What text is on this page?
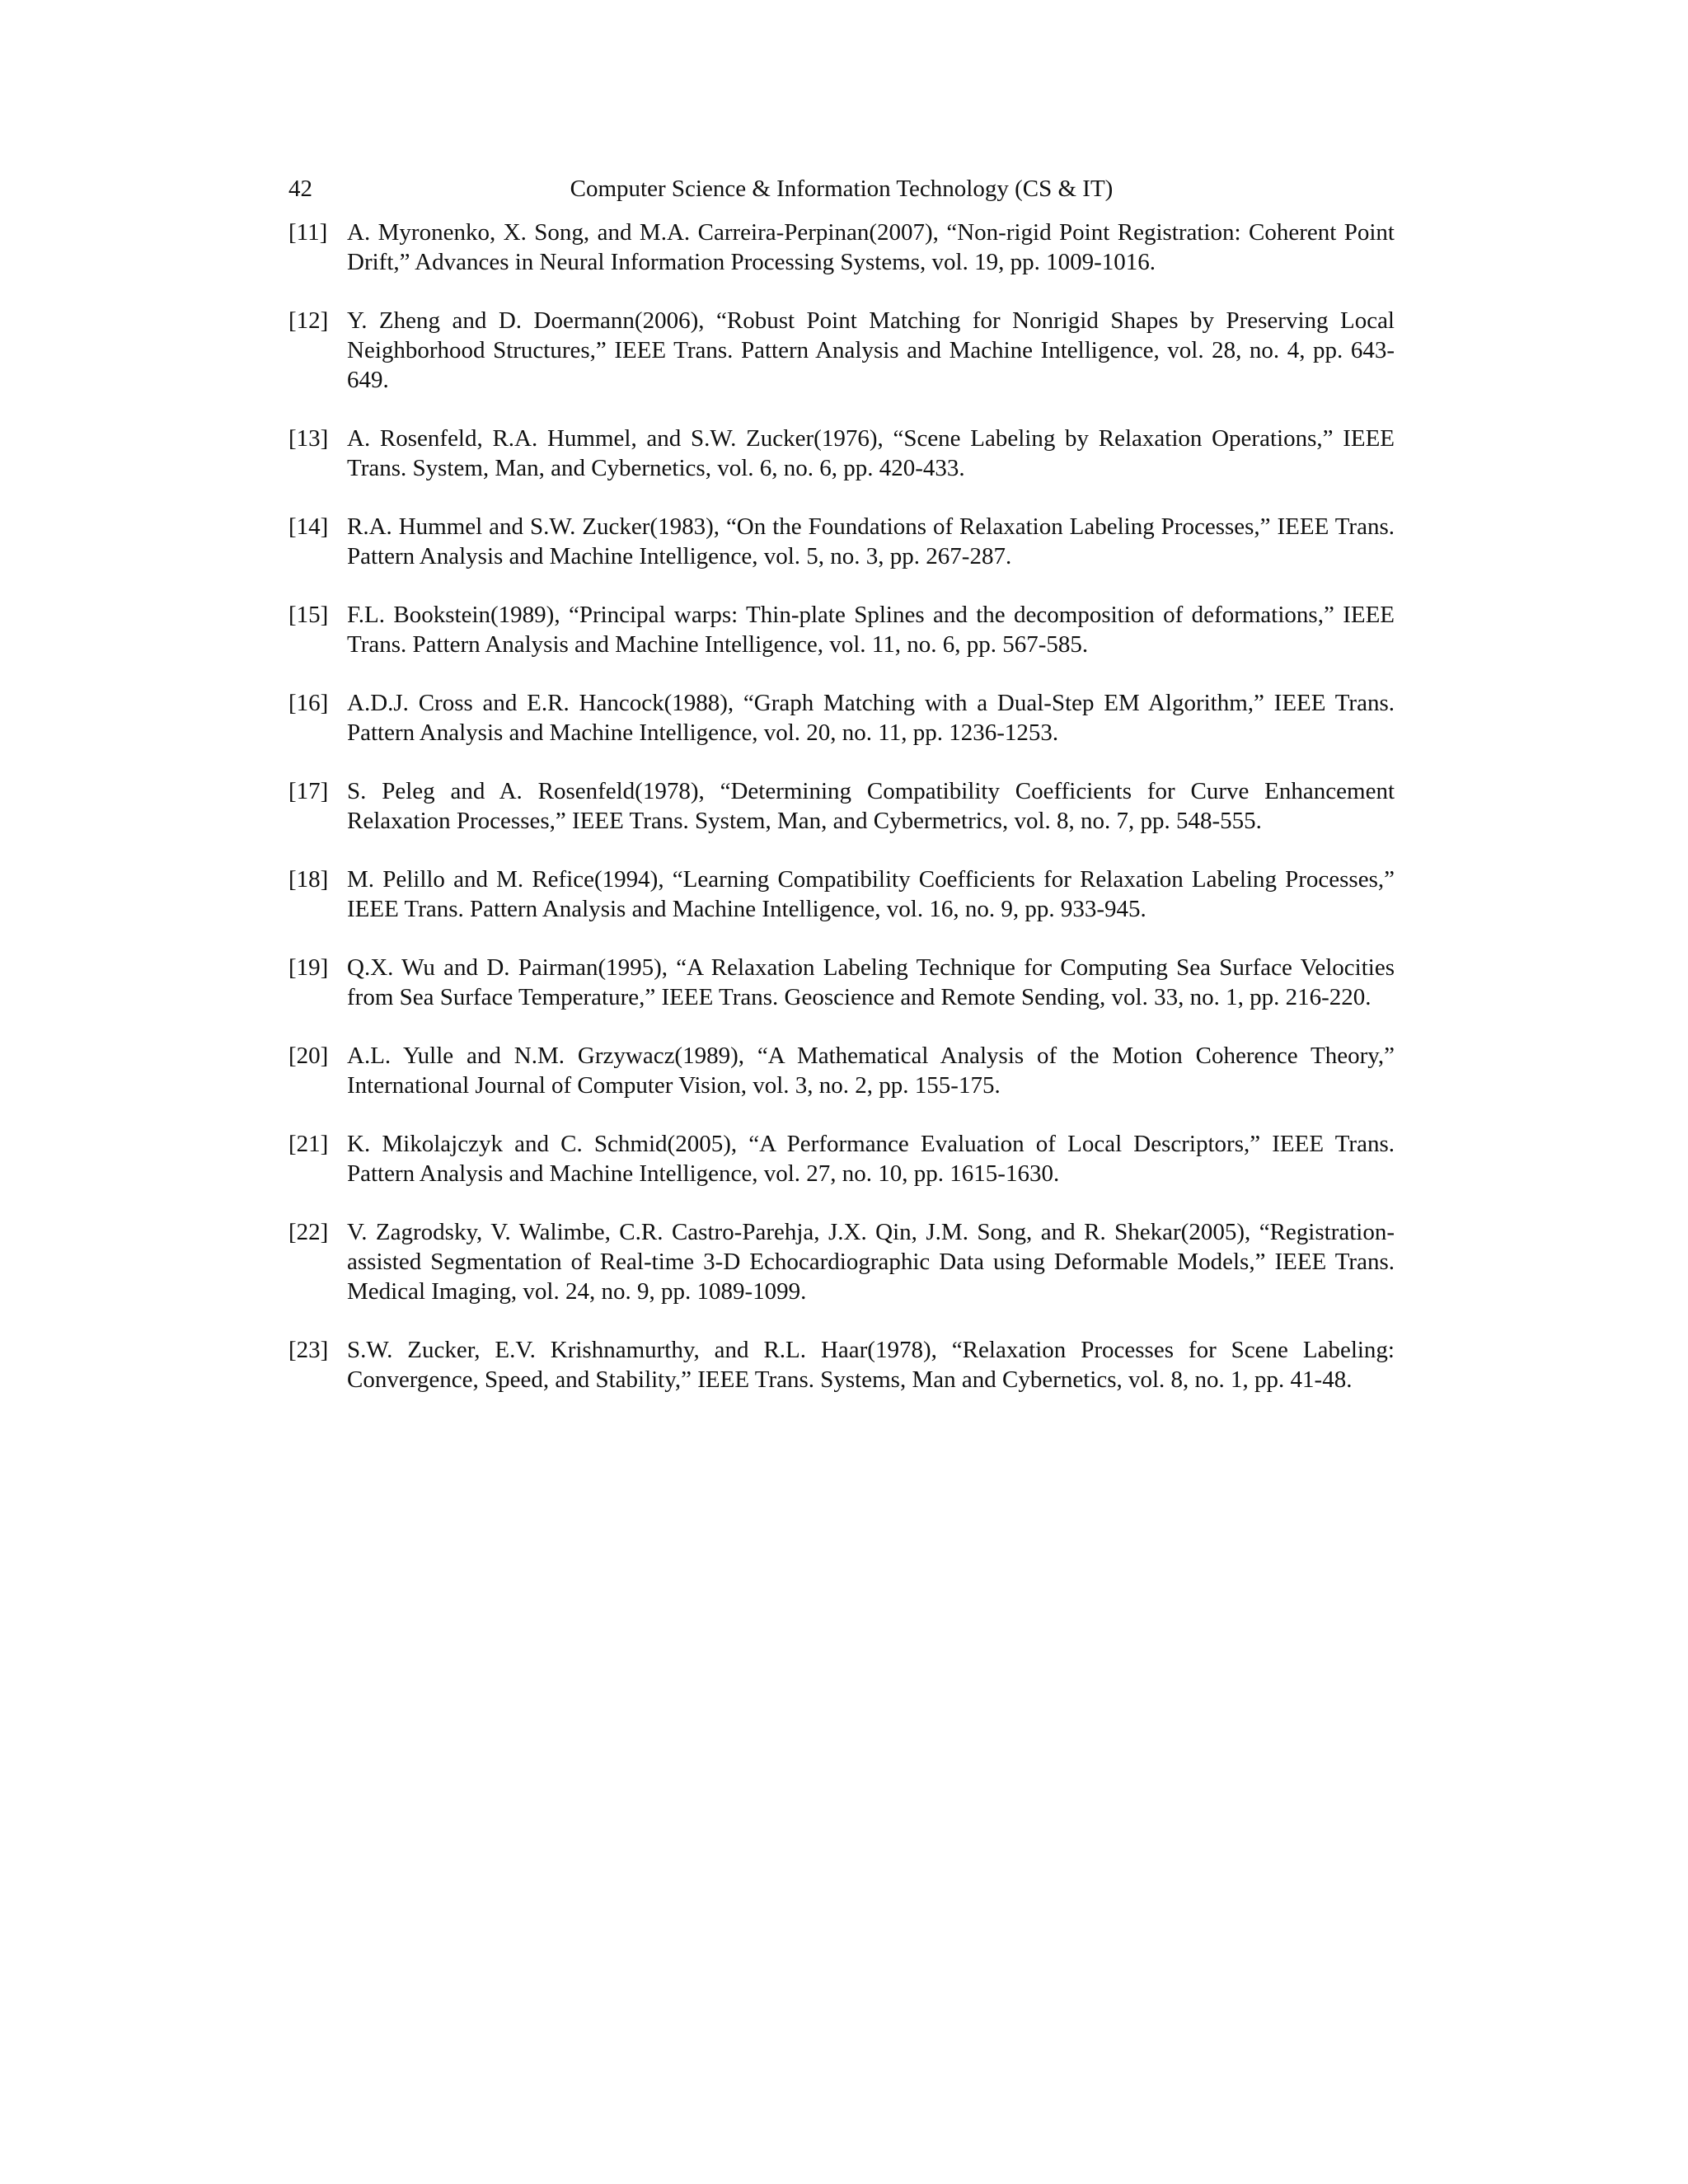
42	Computer Science & Information Technology (CS & IT)
[11] A. Myronenko, X. Song, and M.A. Carreira-Perpinan(2007), “Non-rigid Point Registration: Coherent Point Drift,” Advances in Neural Information Processing Systems, vol. 19, pp. 1009-1016.
[12] Y. Zheng and D. Doermann(2006), “Robust Point Matching for Nonrigid Shapes by Preserving Local Neighborhood Structures,” IEEE Trans. Pattern Analysis and Machine Intelligence, vol. 28, no. 4, pp. 643-649.
[13] A. Rosenfeld, R.A. Hummel, and S.W. Zucker(1976), “Scene Labeling by Relaxation Operations,” IEEE Trans. System, Man, and Cybernetics, vol. 6, no. 6, pp. 420-433.
[14] R.A. Hummel and S.W. Zucker(1983), “On the Foundations of Relaxation Labeling Processes,” IEEE Trans. Pattern Analysis and Machine Intelligence, vol. 5, no. 3, pp. 267-287.
[15] F.L. Bookstein(1989), “Principal warps: Thin-plate Splines and the decomposition of deformations,” IEEE Trans. Pattern Analysis and Machine Intelligence, vol. 11, no. 6, pp. 567-585.
[16] A.D.J. Cross and E.R. Hancock(1988), “Graph Matching with a Dual-Step EM Algorithm,” IEEE Trans. Pattern Analysis and Machine Intelligence, vol. 20, no. 11, pp. 1236-1253.
[17] S. Peleg and A. Rosenfeld(1978), “Determining Compatibility Coefficients for Curve Enhancement Relaxation Processes,” IEEE Trans. System, Man, and Cybermetrics, vol. 8, no. 7, pp. 548-555.
[18] M. Pelillo and M. Refice(1994), “Learning Compatibility Coefficients for Relaxation Labeling Processes,” IEEE Trans. Pattern Analysis and Machine Intelligence, vol. 16, no. 9, pp. 933-945.
[19] Q.X. Wu and D. Pairman(1995), “A Relaxation Labeling Technique for Computing Sea Surface Velocities from Sea Surface Temperature,” IEEE Trans. Geoscience and Remote Sending, vol. 33, no. 1, pp. 216-220.
[20] A.L. Yulle and N.M. Grzywacz(1989), “A Mathematical Analysis of the Motion Coherence Theory,” International Journal of Computer Vision, vol. 3, no. 2, pp. 155-175.
[21] K. Mikolajczyk and C. Schmid(2005), “A Performance Evaluation of Local Descriptors,” IEEE Trans. Pattern Analysis and Machine Intelligence, vol. 27, no. 10, pp. 1615-1630.
[22] V. Zagrodsky, V. Walimbe, C.R. Castro-Parehja, J.X. Qin, J.M. Song, and R. Shekar(2005), “Registration-assisted Segmentation of Real-time 3-D Echocardiographic Data using Deformable Models,” IEEE Trans. Medical Imaging, vol. 24, no. 9, pp. 1089-1099.
[23] S.W. Zucker, E.V. Krishnamurthy, and R.L. Haar(1978), “Relaxation Processes for Scene Labeling: Convergence, Speed, and Stability,” IEEE Trans. Systems, Man and Cybernetics, vol. 8, no. 1, pp. 41-48.
